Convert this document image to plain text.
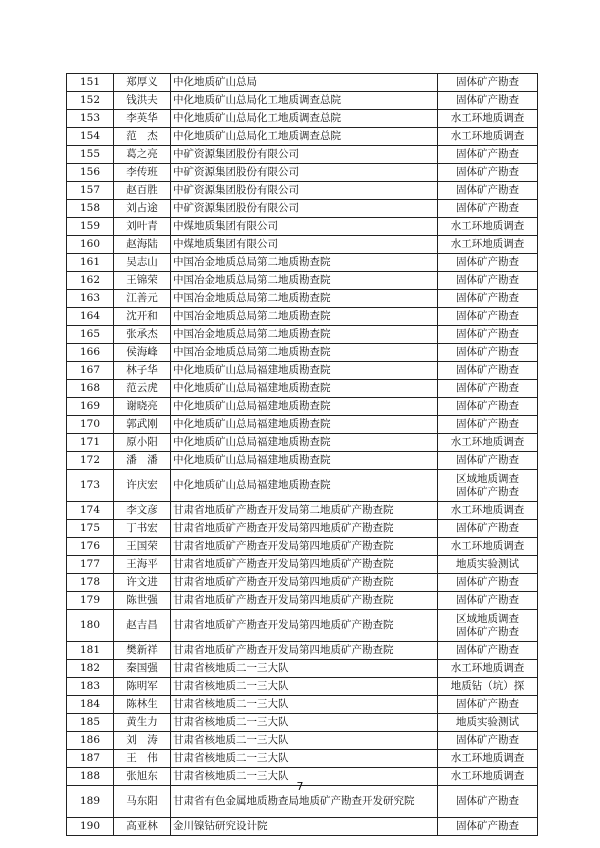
151	郑厚义	中化地质矿山总局	固体矿产勘查

152	钱洪夫	中化地质矿山总局化工地质调查总院	固体矿产勘查

153	李英华	中化地质矿山总局化工地质调查总院	水工环地质调查

154	范　杰	中化地质矿山总局化工地质调查总院	水工环地质调查

155	葛之亮	中矿资源集团股份有限公司	固体矿产勘查

156	李传班	中矿资源集团股份有限公司	固体矿产勘查

157	赵百胜	中矿资源集团股份有限公司	固体矿产勘查

158	刘占途	中矿资源集团股份有限公司	固体矿产勘查

159	刘叶青	中煤地质集团有限公司	水工环地质调查

160	赵海陆	中煤地质集团有限公司	水工环地质调查

161	吴志山	中国冶金地质总局第二地质勘查院	固体矿产勘查

162	王锦荣	中国冶金地质总局第二地质勘查院	固体矿产勘查

163	江善元	中国冶金地质总局第二地质勘查院	固体矿产勘查

164	沈开和	中国冶金地质总局第二地质勘查院	固体矿产勘查

165	张承杰	中国冶金地质总局第二地质勘查院	固体矿产勘查

166	侯海峰	中国冶金地质总局第二地质勘查院	固体矿产勘查

167	林子华	中化地质矿山总局福建地质勘查院	固体矿产勘查

168	范云虎	中化地质矿山总局福建地质勘查院	固体矿产勘查

169	谢晓亮	中化地质矿山总局福建地质勘查院	固体矿产勘查

170	郭武刚	中化地质矿山总局福建地质勘查院	固体矿产勘查

171	原小阳	中化地质矿山总局福建地质勘查院	水工环地质调查

172	潘　潘	中化地质矿山总局福建地质勘查院	固体矿产勘查

173	许庆宏	中化地质矿山总局福建地质勘查院	区域地质调查
固体矿产勘查

174	李文彦	甘肃省地质矿产勘查开发局第二地质矿产勘查院	水工环地质调查

175	丁书宏	甘肃省地质矿产勘查开发局第四地质矿产勘查院	固体矿产勘查

176	王国荣	甘肃省地质矿产勘查开发局第四地质矿产勘查院	水工环地质调查

177	王海平	甘肃省地质矿产勘查开发局第四地质矿产勘查院	地质实验测试

178	许文进	甘肃省地质矿产勘查开发局第四地质矿产勘查院	固体矿产勘查

179	陈世强	甘肃省地质矿产勘查开发局第四地质矿产勘查院	固体矿产勘查

180	赵吉昌	甘肃省地质矿产勘查开发局第四地质矿产勘查院	区域地质调查
固体矿产勘查

181	樊新祥	甘肃省地质矿产勘查开发局第四地质矿产勘查院	固体矿产勘查

182	秦国强	甘肃省核地质二一三大队	水工环地质调查

183	陈明军	甘肃省核地质二一三大队	地质钻（坑）探

184	陈林生	甘肃省核地质二一三大队	固体矿产勘查

185	黄生力	甘肃省核地质二一三大队	地质实验测试

186	刘　涛	甘肃省核地质二一三大队	固体矿产勘查

187	王　伟	甘肃省核地质二一三大队	水工环地质调查

188	张旭东	甘肃省核地质二一三大队	水工环地质调查

189	马东阳	甘肃省有色金属地质勘查局地质矿产勘查开发研究院	固体矿产勘查

190	高亚林	金川镍钴研究设计院	固体矿产勘查
7
